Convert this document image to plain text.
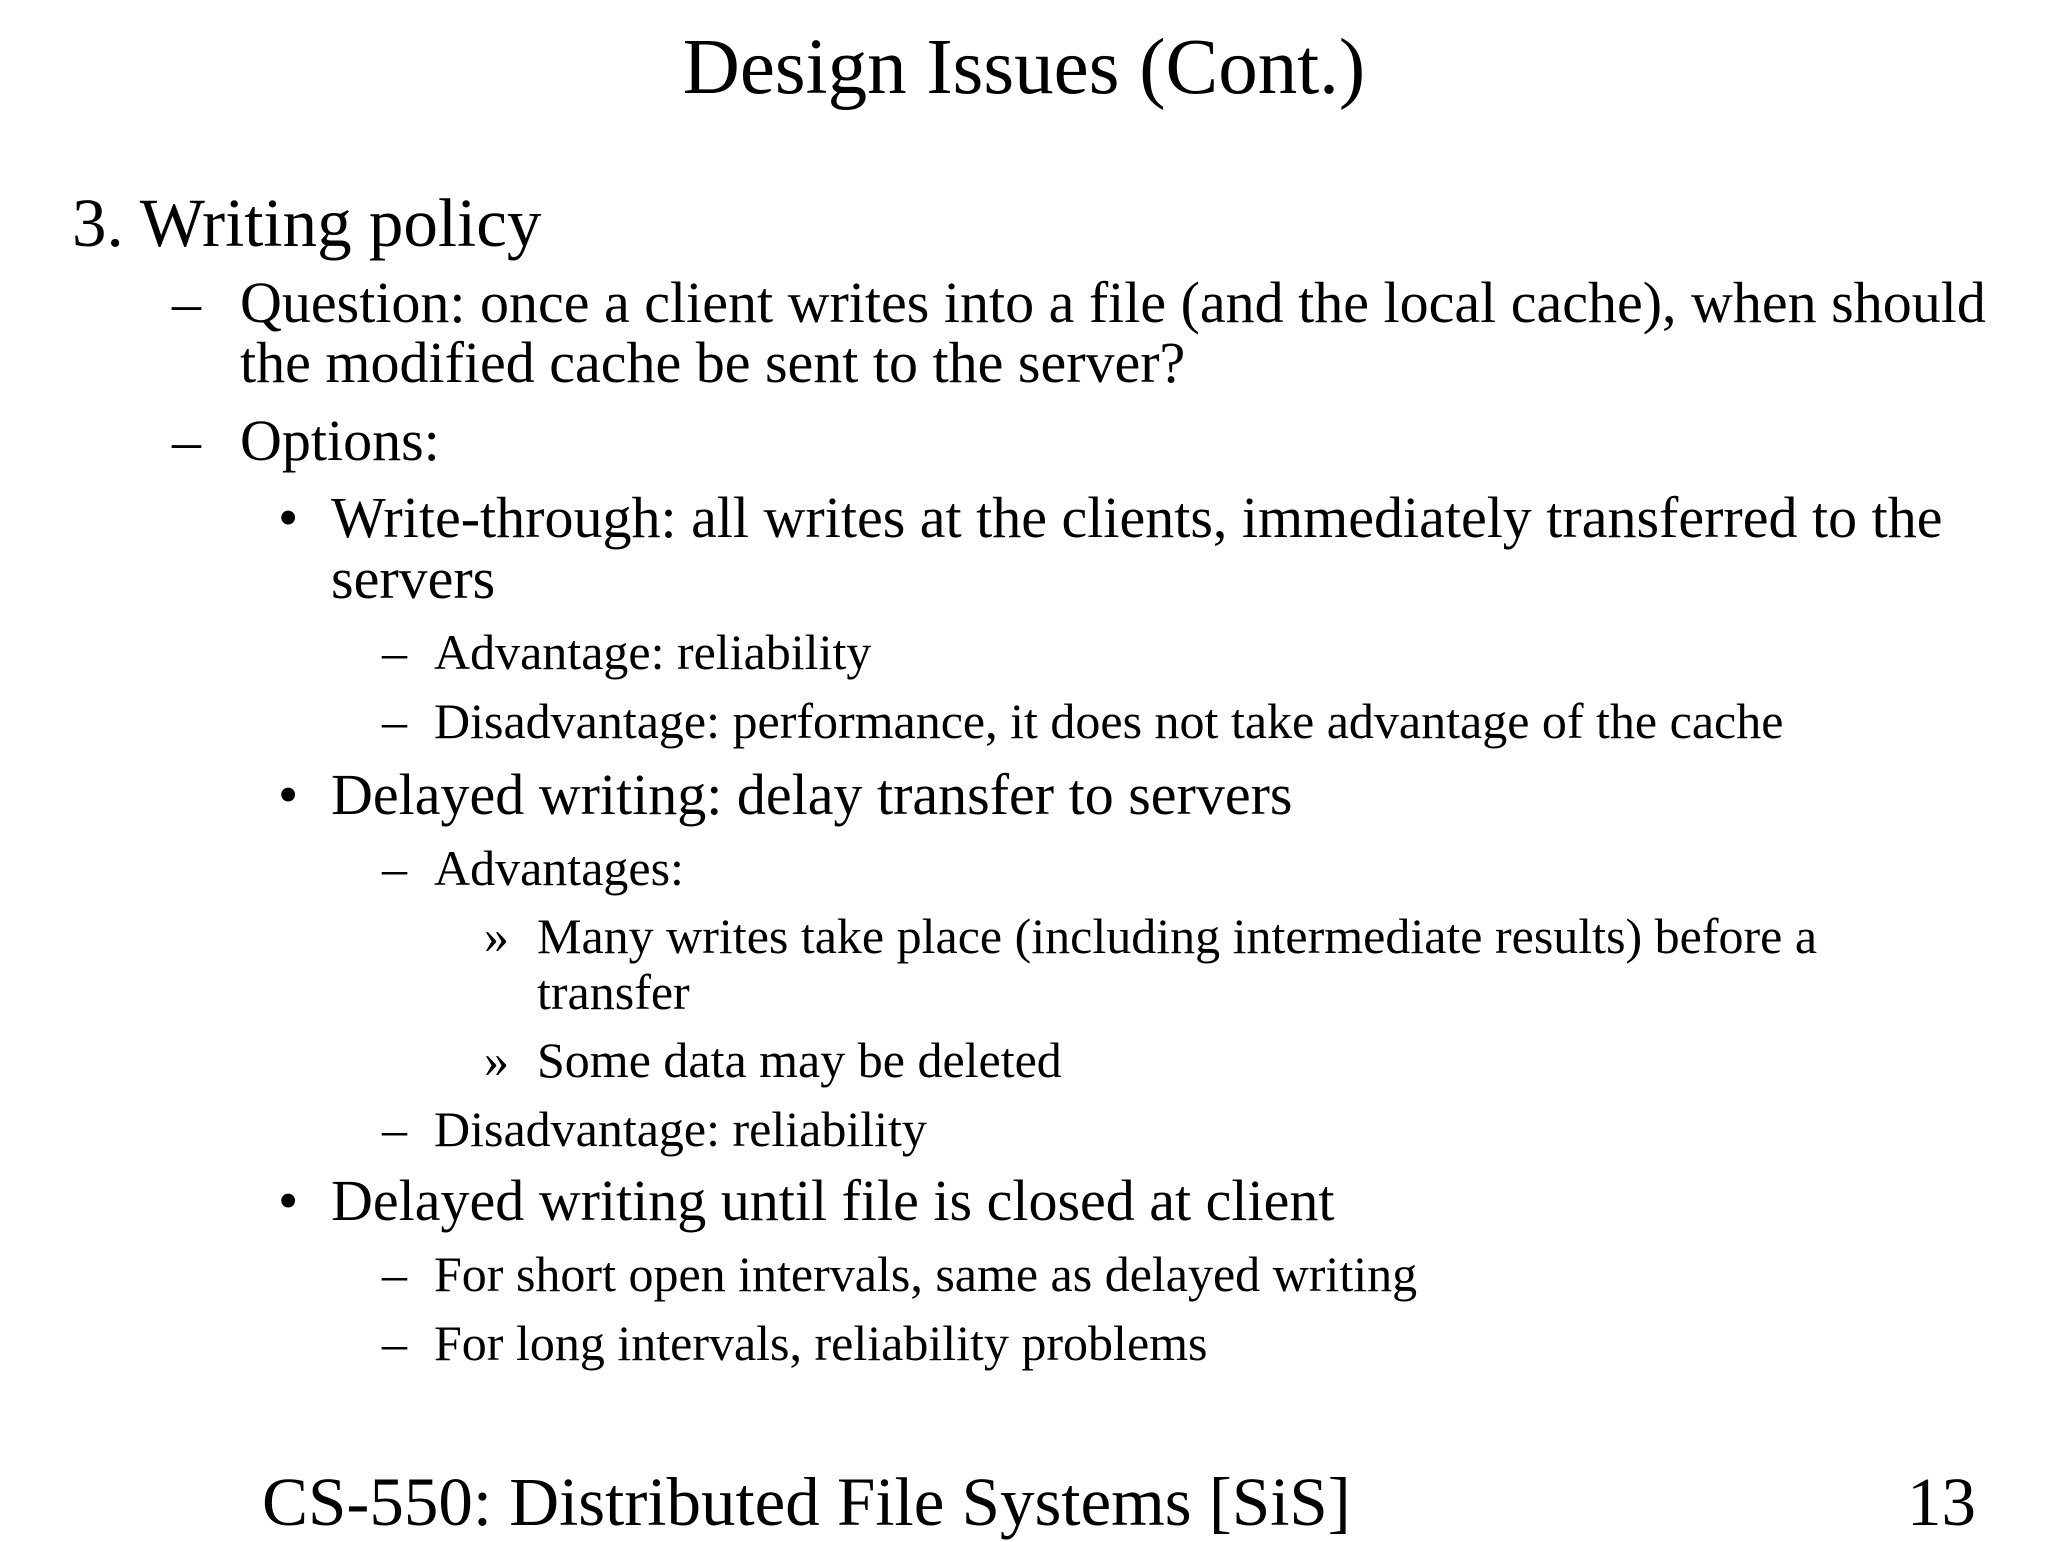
Design Issues (Cont.)
3. Writing policy
– Question: once a client writes into a file (and the local cache), when should
the modified cache be sent to the server?
– Options:
• Write-through: all writes at the clients, immediately transferred to the
servers
– Advantage: reliability
– Disadvantage: performance, it does not take advantage of the cache
• Delayed writing: delay transfer to servers
– Advantages:
» Many writes take place (including intermediate results) before a
transfer
» Some data may be deleted
– Disadvantage: reliability
• Delayed writing until file is closed at client
– For short open intervals, same as delayed writing
– For long intervals, reliability problems
CS-550: Distributed File Systems [SiS]	13
